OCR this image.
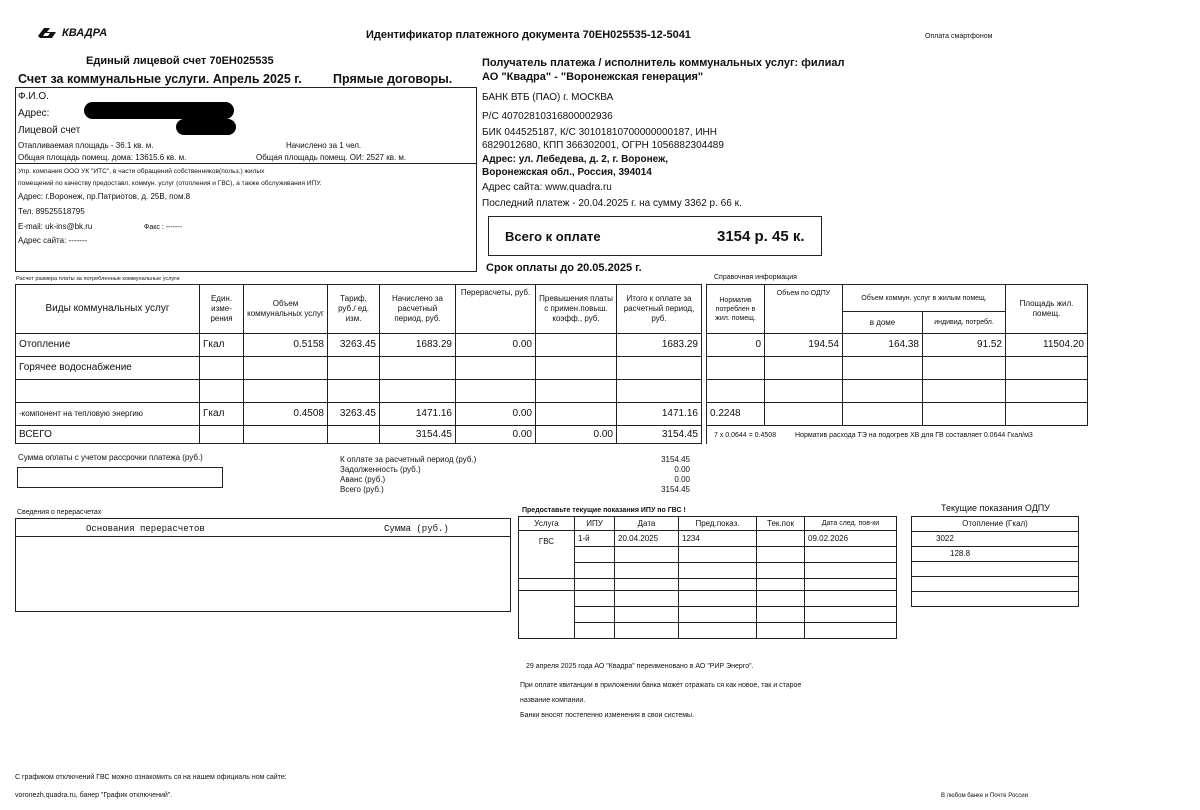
КВАДРА	Идентификатор платежного документа 70ЕН025535-12-5041	Оплата смартфоном
Единый лицевой счет 70ЕН025535
Счет за коммунальные услуги. Апрель 2025 г.	Прямые договоры.
Ф.И.О.
Адрес:
Лицевой счет
Отапливаемая площадь - 36.1 кв. м.	Начислено за 1 чел.
Общая площадь помещ. дома: 13615.6 кв. м.	Общая площадь помещ. ОИ: 2527 кв. м.
Упр. компания ООО УК "ИТС", в части обращений собственников(польз.) жилых
помещений по качеству предоставл. коммун. услуг (отопления и ГВС), а также обслуживания ИПУ.
Адрес: г.Воронеж, пр.Патриотов, д. 25В, пом.8
Тел. 89525518795
E-mail: uk-ins@bk.ru	Факс : -------
Адрес сайта: -------
Получатель платежа / исполнитель коммунальных услуг: филиал
АО "Квадра" - "Воронежская генерация"
БАНК ВТБ (ПАО) г. МОСКВА
Р/С 40702810316800002936
БИК 044525187, К/С 30101810700000000187, ИНН
6829012680, КПП 366302001, ОГРН 1056882304489
Адрес: ул. Лебедева, д. 2, г. Воронеж,
Воронежская обл., Россия, 394014
Адрес сайта: www.quadra.ru
Последний платеж - 20.04.2025 г. на сумму 3362 р. 66 к.
Всего к оплате	3154 р. 45 к.
Срок оплаты до 20.05.2025 г.
Расчет размера платы за потребленные коммунальные услуги	Справочная информация
Виды коммунальных услуг	Един. изме- рения	Объем коммунальных услуг	Тариф, руб./ ед. изм.	Начислено за расчетный период, руб.	Перерасчеты, руб.	Превышения платы с примен.повыш. коэфф., руб.	Итого к оплате за расчетный период, руб.		Норматив потреблен в жил. помещ.	Объем по ОДПУ	Объем коммун. услуг в жилым помещ.		Площадь жил. помещ.
											в доме	индивид. потребл.	
Отопление	Гкал	0.5158	3263.45	1683.29	0.00		1683.29		0	194.54	164.38	91.52	11504.20
Горячее водоснабжение													

-компонент на тепловую энергию	Гкал	0.4508	3263.45	1471.16	0.00		1471.16		0.2248				
ВСЕГО				3154.45	0.00	0.00	3154.45						7 х 0.0644 = 0.4508	Норматив расхода ТЭ на подогрев ХВ для ГВ составляет 0.0644 Гкал/м3
Сумма оплаты с учетом рассрочки платежа (руб.)	К оплате за расчетный период (руб.)	3154.45
Задолженность (руб.)	0.00
Аванс (руб.)	0.00
Всего (руб.)	3154.45
Сведения о перерасчетах
Основания перерасчетов	Сумма (руб.)
Предоставьте текущие показания ИПУ по ГВС !
Услуга	ИПУ	Дата	Пред.показ.	Тек.пок	Дата след. пов-ки
ГВС	1-й	20.04.2025	1234		09.02.2026

Текущие показания ОДПУ
Отопление (Гкал)
3022
128.8

29 апреля 2025 года АО "Квадра" переименовано в АО "РИР Энерго".
При оплате квитанции в приложении банка может отражать ся как новое, так и старое
название компании.
Банки вносят постепенно изменения в свои системы.
С графиком отключений ГВС можно ознакомить ся на нашем официаль ном сайте:
voronezh.quadra.ru, банер "График отключений".	В любом банке и Почте России
